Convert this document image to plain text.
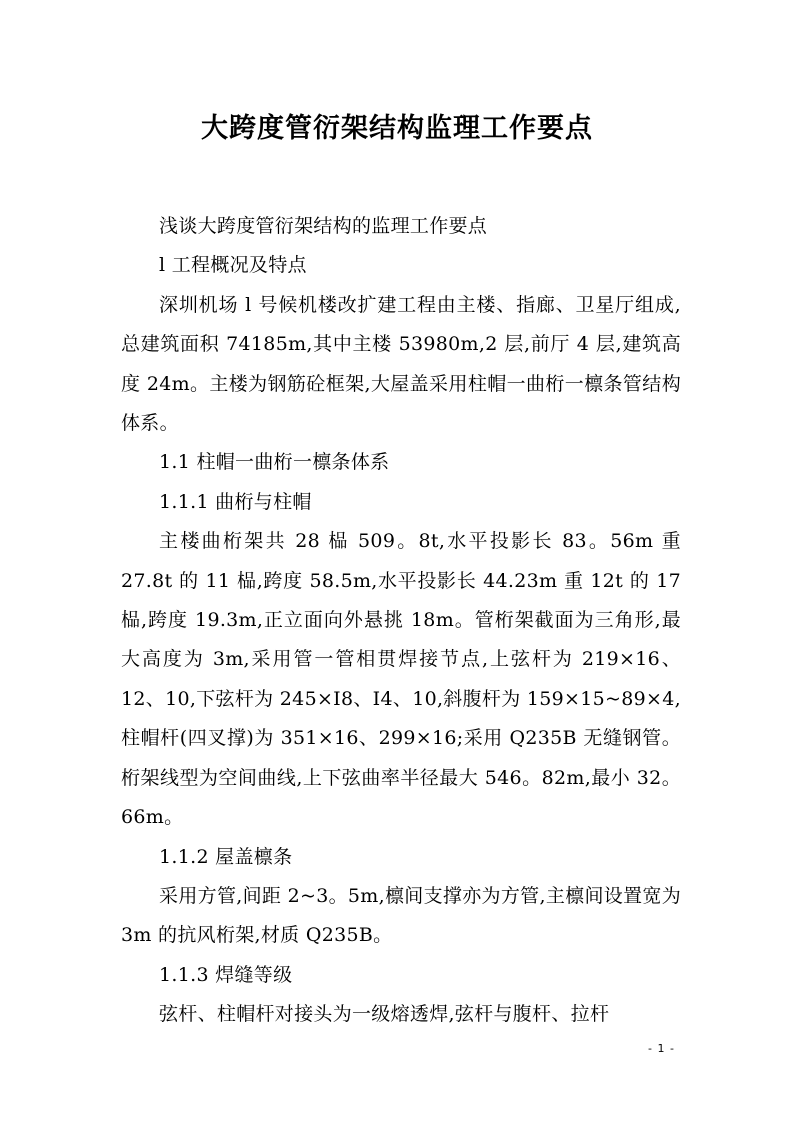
大跨度管衍架结构监理工作要点

浅谈大跨度管衍架结构的监理工作要点

l 工程概况及特点

深圳机场 l 号候机楼改扩建工程由主楼、指廊、卫星厅组成,总建筑面积 74185m,其中主楼 53980m,2 层,前厅 4 层,建筑高度 24m。主楼为钢筋砼框架,大屋盖采用柱帽一曲桁一檩条管结构体系。

1.1 柱帽一曲桁一檩条体系

1.1.1 曲桁与柱帽

主楼曲桁架共 28 榀 509。8t,水平投影长 83。56m 重 27.8t 的 11 榀,跨度 58.5m,水平投影长 44.23m 重 12t 的 17 榀,跨度 19.3m,正立面向外悬挑 18m。管桁架截面为三角形,最大高度为 3m,采用管一管相贯焊接节点,上弦杆为 219×16、12、10,下弦杆为 245×I8、I4、10,斜腹杆为 159×15~89×4,柱帽杆(四叉撑)为 351×16、299×16;采用 Q235B 无缝钢管。桁架线型为空间曲线,上下弦曲率半径最大 546。82m,最小 32。66m。

1.1.2 屋盖檩条

采用方管,间距 2~3。5m,檩间支撑亦为方管,主檩间设置宽为 3m 的抗风桁架,材质 Q235B。

1.1.3 焊缝等级

弦杆、柱帽杆对接头为一级熔透焊,弦杆与腹杆、拉杆

- 1 -
